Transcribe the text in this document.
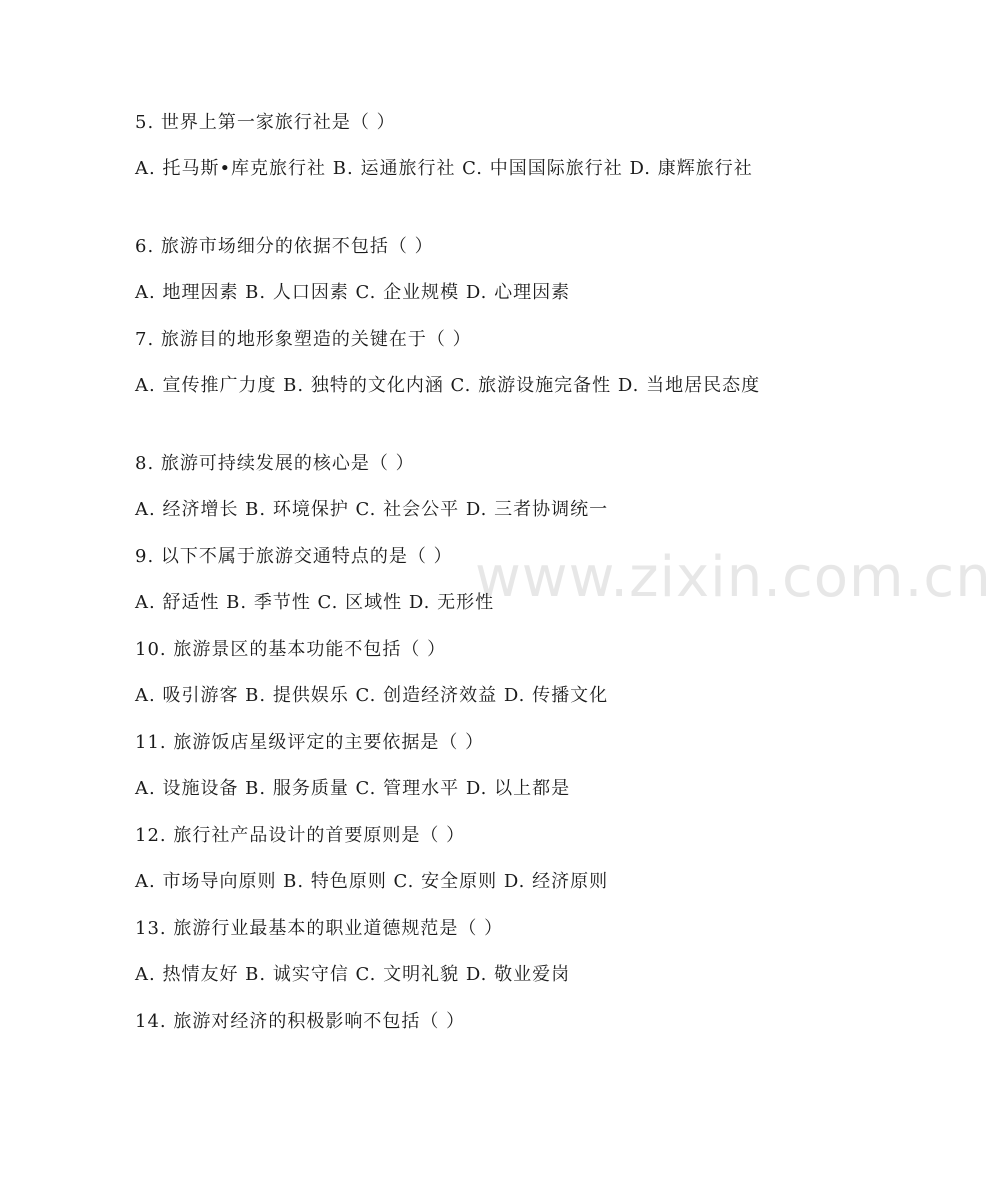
www.zixin.com.cn
5. 世界上第一家旅行社是（ ）
A. 托马斯•库克旅行社 B. 运通旅行社 C. 中国国际旅行社 D. 康辉旅行社
6. 旅游市场细分的依据不包括（ ）
A. 地理因素 B. 人口因素 C. 企业规模 D. 心理因素
7. 旅游目的地形象塑造的关键在于（ ）
A. 宣传推广力度 B. 独特的文化内涵 C. 旅游设施完备性 D. 当地居民态度
8. 旅游可持续发展的核心是（ ）
A. 经济增长 B. 环境保护 C. 社会公平 D. 三者协调统一
9. 以下不属于旅游交通特点的是（ ）
A. 舒适性 B. 季节性 C. 区域性 D. 无形性
10. 旅游景区的基本功能不包括（ ）
A. 吸引游客 B. 提供娱乐 C. 创造经济效益 D. 传播文化
11. 旅游饭店星级评定的主要依据是（ ）
A. 设施设备 B. 服务质量 C. 管理水平 D. 以上都是
12. 旅行社产品设计的首要原则是（ ）
A. 市场导向原则 B. 特色原则 C. 安全原则 D. 经济原则
13. 旅游行业最基本的职业道德规范是（ ）
A. 热情友好 B. 诚实守信 C. 文明礼貌 D. 敬业爱岗
14. 旅游对经济的积极影响不包括（ ）
